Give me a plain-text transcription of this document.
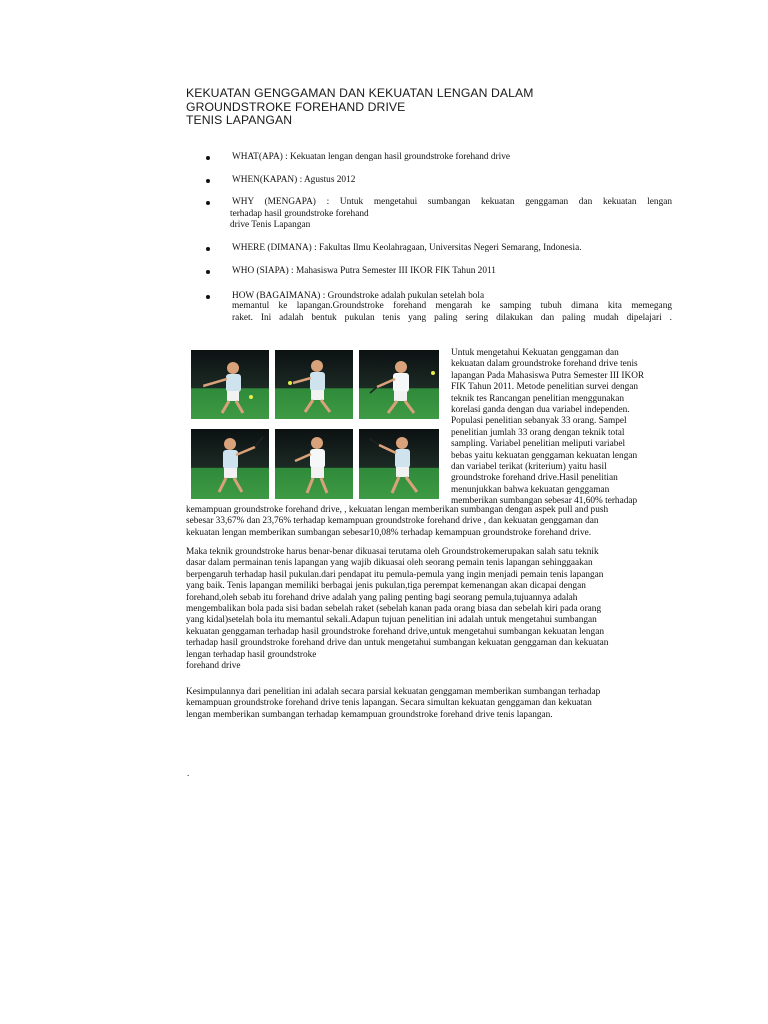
KEKUATAN GENGGAMAN DAN KEKUATAN LENGAN DALAM
GROUNDSTROKE FOREHAND DRIVE
TENIS LAPANGAN
WHAT(APA) : Kekuatan lengan dengan hasil groundstroke forehand drive
WHEN(KAPAN) : Agustus 2012
WHY (MENGAPA) : Untuk mengetahui sumbangan kekuatan genggaman dan kekuatan lengan
terhadap hasil groundstroke forehand
drive Tenis Lapangan
WHERE (DIMANA) : Fakultas Ilmu Keolahragaan, Universitas Negeri Semarang, Indonesia.
WHO (SIAPA) : Mahasiswa Putra Semester III IKOR FIK Tahun 2011
HOW (BAGAIMANA) : Groundstroke adalah pukulan setelah bola
memantul ke lapangan.Groundstroke forehand mengarah ke samping tubuh dimana kita memegang
raket. Ini adalah bentuk pukulan tenis yang paling sering dilakukan dan paling mudah dipelajari .
Untuk mengetahui Kekuatan genggaman dan
kekuatan dalam groundstroke forehand drive tenis
lapangan Pada Mahasiswa Putra Semester III IKOR
FIK Tahun 2011. Metode penelitian survei dengan
teknik tes Rancangan penelitian menggunakan
korelasi ganda dengan dua variabel independen.
Populasi penelitian sebanyak 33 orang. Sampel
penelitian jumlah 33 orang dengan teknik total
sampling. Variabel penelitian meliputi variabel
bebas yaitu kekuatan genggaman kekuatan lengan
dan variabel terikat (kriterium) yaitu hasil
groundstroke forehand drive.Hasil penelitian
menunjukkan bahwa kekuatan genggaman
memberikan sumbangan sebesar 41,60% terhadap
kemampuan groundstroke forehand drive, , kekuatan lengan memberikan sumbangan dengan aspek pull and push
sebesar 33,67% dan 23,76% terhadap kemampuan groundstroke forehand drive , dan kekuatan genggaman dan
kekuatan lengan memberikan sumbangan sebesar10,08% terhadap kemampuan groundstroke forehand drive.
Maka teknik groundstroke harus benar-benar dikuasai terutama oleh Groundstrokemerupakan salah satu teknik
dasar dalam permainan tenis lapangan yang wajib dikuasai oleh seorang pemain tenis lapangan sehinggaakan
berpengaruh terhadap hasil pukulan.dari pendapat itu pemula-pemula yang ingin menjadi pemain tenis lapangan
yang baik. Tenis lapangan memiliki berbagai jenis pukulan,tiga perempat kemenangan akan dicapai dengan
forehand,oleh sebab itu forehand drive adalah yang paling penting bagi seorang pemula,tujuannya adalah
mengembalikan bola pada sisi badan sebelah raket (sebelah kanan pada orang biasa dan sebelah kiri pada orang
yang kidal)setelah bola itu memantul sekali.Adapun tujuan penelitian ini adalah untuk mengetahui sumbangan
kekuatan genggaman terhadap hasil groundstroke forehand drive,untuk mengetahui sumbangan kekuatan lengan
terhadap hasil groundstroke forehand drive dan untuk mengetahui sumbangan kekuatan genggaman dan kekuatan
lengan terhadap hasil groundstroke
forehand drive
Kesimpulannya dari penelitian ini adalah secara parsial kekuatan genggaman memberikan sumbangan terhadap
kemampuan groundstroke forehand drive tenis lapangan. Secara simultan kekuatan genggaman dan kekuatan
lengan memberikan sumbangan terhadap kemampuan groundstroke forehand drive tenis lapangan.
.
